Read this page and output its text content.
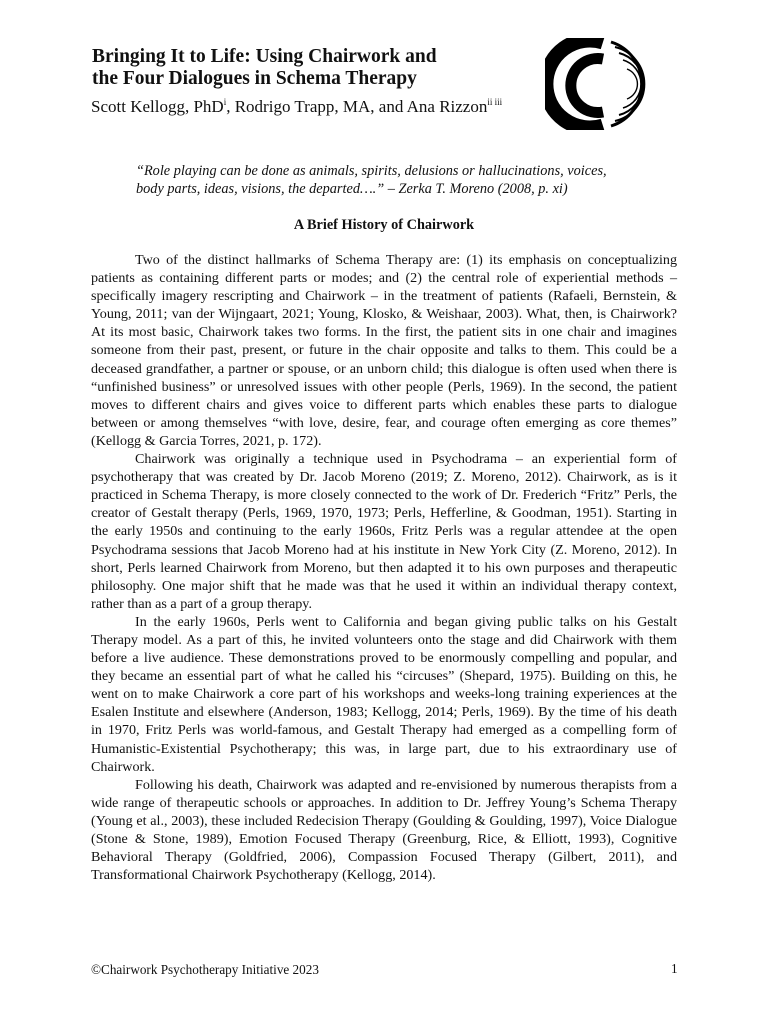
Bringing It to Life: Using Chairwork and
the Four Dialogues in Schema Therapy

Scott Kellogg, PhD$^i$, Rodrigo Trapp, MA, and Ana Rizzon$^{ii iii}$

“Role playing can be done as animals, spirits, delusions or hallucinations, voices,
body parts, ideas, visions, the departed….” – Zerka T. Moreno (2008, p. xi)

A Brief History of Chairwork

Two of the distinct hallmarks of Schema Therapy are: (1) its emphasis on conceptualizing patients as containing different parts or modes; and (2) the central role of experiential methods – specifically imagery rescripting and Chairwork – in the treatment of patients (Rafaeli, Bernstein, & Young, 2011; van der Wijngaart, 2021; Young, Klosko, & Weishaar, 2003). What, then, is Chairwork? At its most basic, Chairwork takes two forms. In the first, the patient sits in one chair and imagines someone from their past, present, or future in the chair opposite and talks to them. This could be a deceased grandfather, a partner or spouse, or an unborn child; this dialogue is often used when there is “unfinished business” or unresolved issues with other people (Perls, 1969). In the second, the patient moves to different chairs and gives voice to different parts which enables these parts to dialogue between or among themselves “with love, desire, fear, and courage often emerging as core themes” (Kellogg & Garcia Torres, 2021, p. 172).

Chairwork was originally a technique used in Psychodrama – an experiential form of psychotherapy that was created by Dr. Jacob Moreno (2019; Z. Moreno, 2012). Chairwork, as is it practiced in Schema Therapy, is more closely connected to the work of Dr. Frederich “Fritz” Perls, the creator of Gestalt therapy (Perls, 1969, 1970, 1973; Perls, Hefferline, & Goodman, 1951). Starting in the early 1950s and continuing to the early 1960s, Fritz Perls was a regular attendee at the open Psychodrama sessions that Jacob Moreno had at his institute in New York City (Z. Moreno, 2012). In short, Perls learned Chairwork from Moreno, but then adapted it to his own purposes and therapeutic philosophy. One major shift that he made was that he used it within an individual therapy context, rather than as a part of a group therapy.

In the early 1960s, Perls went to California and began giving public talks on his Gestalt Therapy model. As a part of this, he invited volunteers onto the stage and did Chairwork with them before a live audience. These demonstrations proved to be enormously compelling and popular, and they became an essential part of what he called his “circuses” (Shepard, 1975). Building on this, he went on to make Chairwork a core part of his workshops and weeks-long training experiences at the Esalen Institute and elsewhere (Anderson, 1983; Kellogg, 2014; Perls, 1969). By the time of his death in 1970, Fritz Perls was world-famous, and Gestalt Therapy had emerged as a compelling form of Humanistic-Existential Psychotherapy; this was, in large part, due to his extraordinary use of Chairwork.

Following his death, Chairwork was adapted and re-envisioned by numerous therapists from a wide range of therapeutic schools or approaches. In addition to Dr. Jeffrey Young’s Schema Therapy (Young et al., 2003), these included Redecision Therapy (Goulding & Goulding, 1997), Voice Dialogue (Stone & Stone, 1989), Emotion Focused Therapy (Greenburg, Rice, & Elliott, 1993), Cognitive Behavioral Therapy (Goldfried, 2006), Compassion Focused Therapy (Gilbert, 2011), and Transformational Chairwork Psychotherapy (Kellogg, 2014).

©Chairwork Psychotherapy Initiative 2023	1
